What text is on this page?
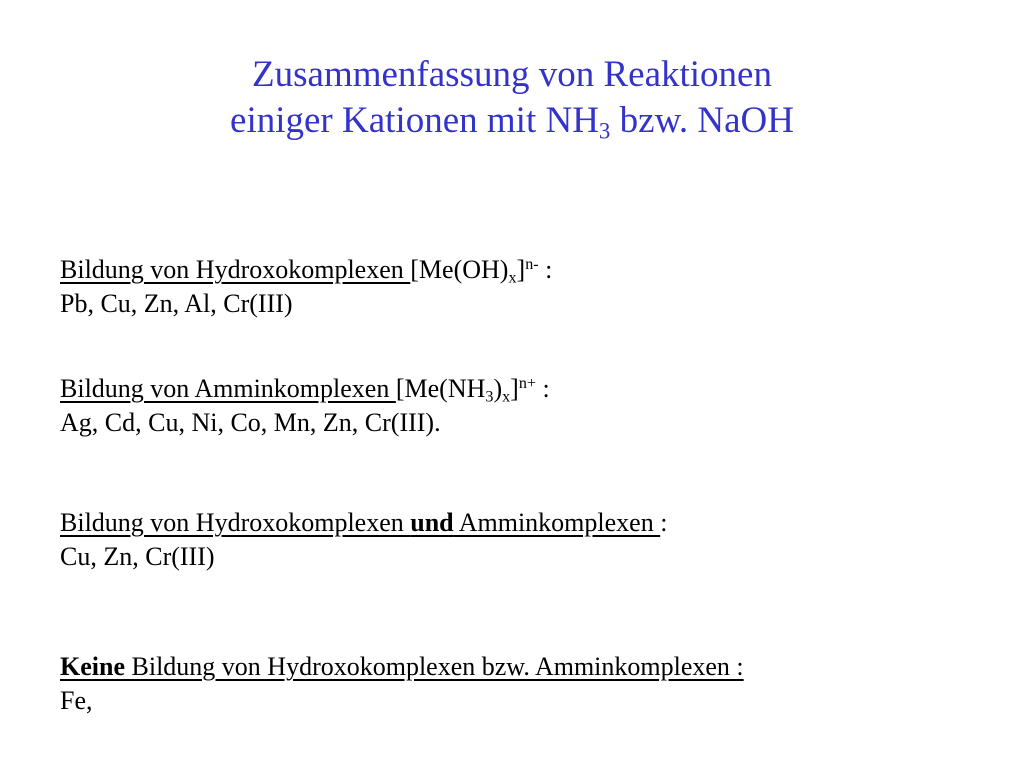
Zusammenfassung von Reaktionen
einiger Kationen mit $NH_3$ bzw. NaOH
Bildung von Hydroxokomplexen $[Me(OH)_x]^{n-}$ :
Pb, Cu, Zn, Al, Cr(III)
Bildung von Amminkomplexen $[Me(NH_3)_x]^{n+}$ :
Ag, Cd, Cu, Ni, Co, Mn, Zn, Cr(III).
Bildung von Hydroxokomplexen und Amminkomplexen :
Cu, Zn, Cr(III)
Keine Bildung von Hydroxokomplexen bzw. Amminkomplexen :
Fe,
